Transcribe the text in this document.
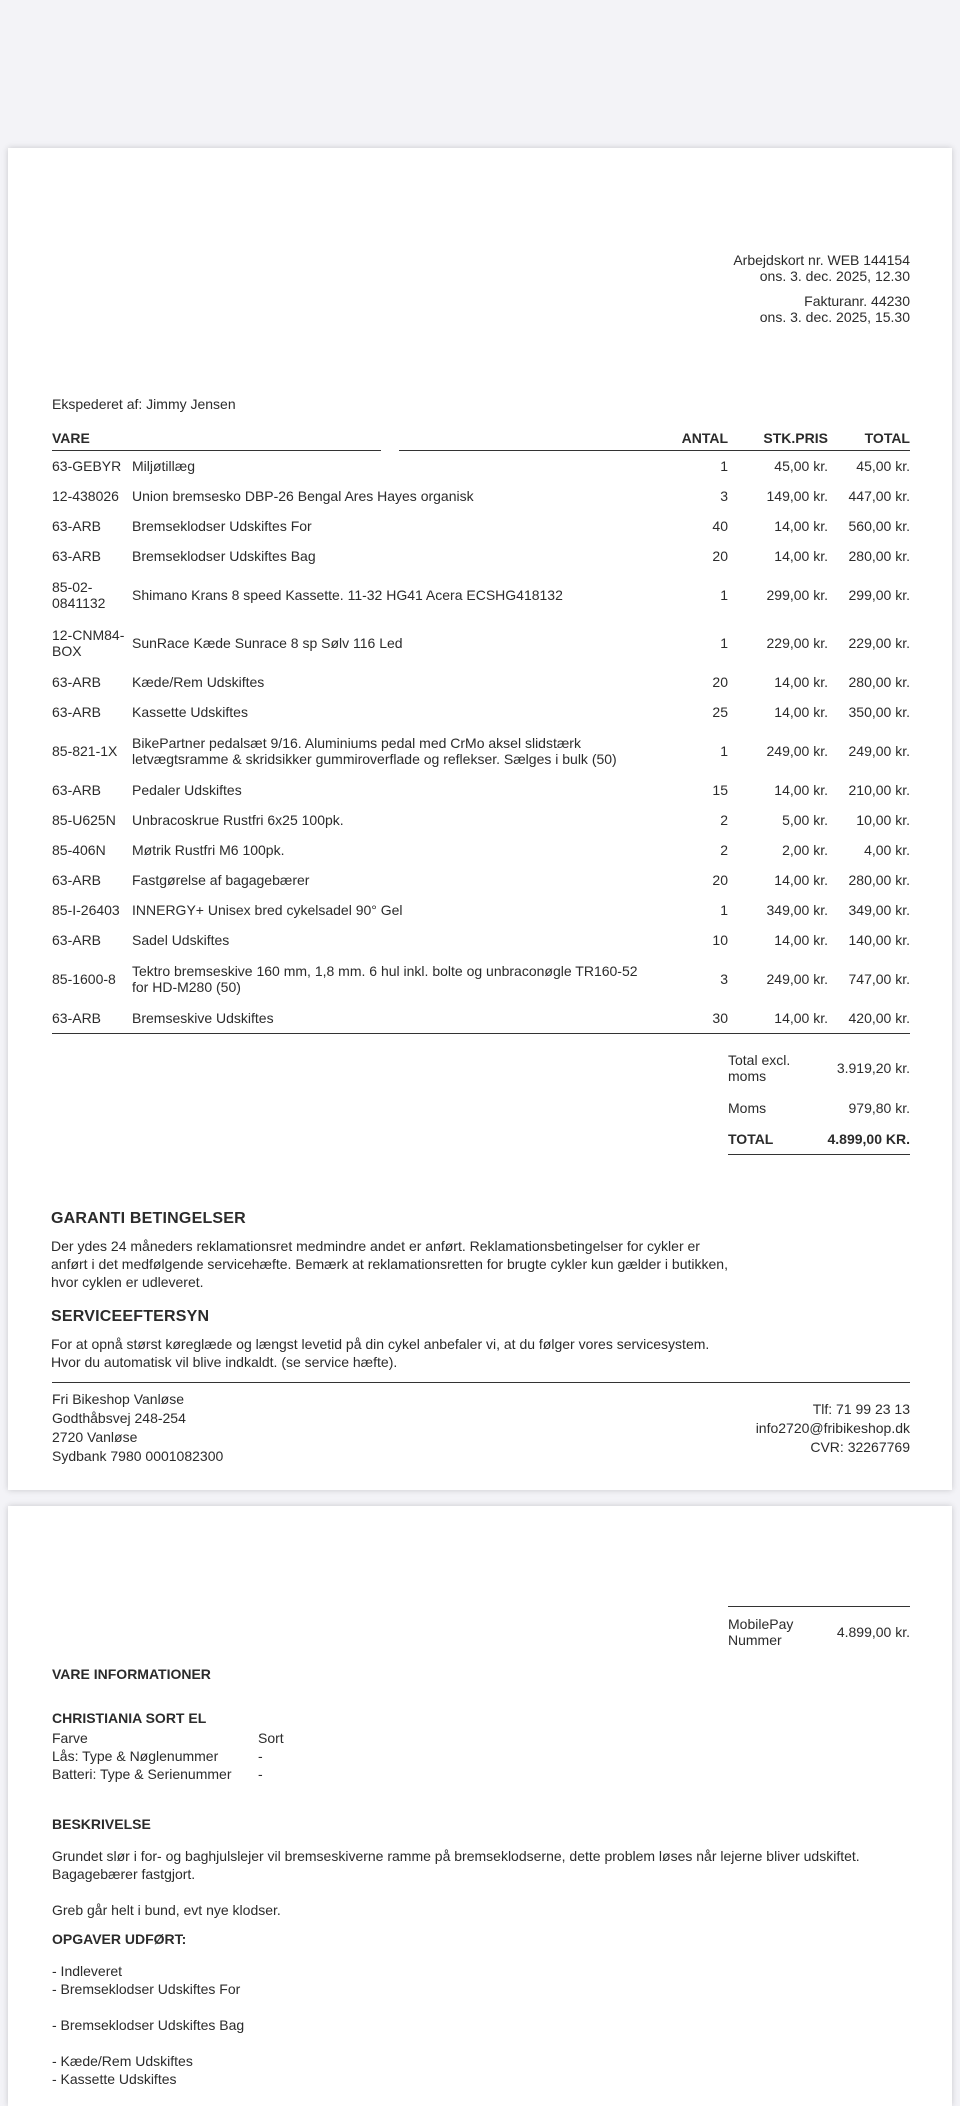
Arbejdskort nr. WEB 144154
ons. 3. dec. 2025, 12.30
Fakturanr. 44230
ons. 3. dec. 2025, 15.30
Ekspederet af: Jimmy Jensen
VARE				ANTAL	STK.PRIS	TOTAL
63-GEBYR	Miljøtillæg			1	45,00 kr.	45,00 kr.
12-438026	Union bremsesko DBP-26 Bengal Ares Hayes organisk			3	149,00 kr.	447,00 kr.
63-ARB	Bremseklodser Udskiftes For			40	14,00 kr.	560,00 kr.
63-ARB	Bremseklodser Udskiftes Bag			20	14,00 kr.	280,00 kr.
85-02-0841132	Shimano Krans 8 speed Kassette. 11-32 HG41 Acera ECSHG418132			1	299,00 kr.	299,00 kr.
12-CNM84-BOX	SunRace Kæde Sunrace 8 sp Sølv 116 Led			1	229,00 kr.	229,00 kr.
63-ARB	Kæde/Rem Udskiftes			20	14,00 kr.	280,00 kr.
63-ARB	Kassette Udskiftes			25	14,00 kr.	350,00 kr.
85-821-1X	BikePartner pedalsæt 9/16. Aluminiums pedal med CrMo aksel slidstærk letvægtsramme & skridsikker gummiroverflade og reflekser. Sælges i bulk (50)			1	249,00 kr.	249,00 kr.
63-ARB	Pedaler Udskiftes			15	14,00 kr.	210,00 kr.
85-U625N	Unbracoskrue Rustfri 6x25 100pk.			2	5,00 kr.	10,00 kr.
85-406N	Møtrik Rustfri M6 100pk.			2	2,00 kr.	4,00 kr.
63-ARB	Fastgørelse af bagagebærer			20	14,00 kr.	280,00 kr.
85-I-26403	INNERGY+ Unisex bred cykelsadel 90° Gel			1	349,00 kr.	349,00 kr.
63-ARB	Sadel Udskiftes			10	14,00 kr.	140,00 kr.
85-1600-8	Tektro bremseskive 160 mm, 1,8 mm. 6 hul inkl. bolte og unbraconøgle TR160-52 for HD-M280 (50)			3	249,00 kr.	747,00 kr.
63-ARB	Bremseskive Udskiftes			30	14,00 kr.	420,00 kr.
Total excl. moms	3.919,20 kr.
Moms	979,80 kr.
TOTAL	4.899,00 KR.
GARANTI BETINGELSER
Der ydes 24 måneders reklamationsret medmindre andet er anført. Reklamationsbetingelser for cykler er anført i det medfølgende servicehæfte. Bemærk at reklamationsretten for brugte cykler kun gælder i butikken, hvor cyklen er udleveret.
SERVICEEFTERSYN
For at opnå størst køreglæde og længst levetid på din cykel anbefaler vi, at du følger vores servicesystem. Hvor du automatisk vil blive indkaldt. (se service hæfte).
Fri Bikeshop Vanløse
Godthåbsvej 248-254
2720 Vanløse
Sydbank 7980 0001082300
Tlf: 71 99 23 13
info2720@fribikeshop.dk
CVR: 32267769
MobilePay Nummer	4.899,00 kr.
VARE INFORMATIONER
CHRISTIANIA SORT EL
Farve	Sort
Lås: Type & Nøglenummer	-
Batteri: Type & Serienummer	-
BESKRIVELSE
Grundet slør i for- og baghjulslejer vil bremseskiverne ramme på bremseklodserne, dette problem løses når lejerne bliver udskiftet. Bagagebærer fastgjort.
Greb går helt i bund, evt nye klodser.
OPGAVER UDFØRT:
- Indleveret
- Bremseklodser Udskiftes For
- Bremseklodser Udskiftes Bag
- Kæde/Rem Udskiftes
- Kassette Udskiftes
